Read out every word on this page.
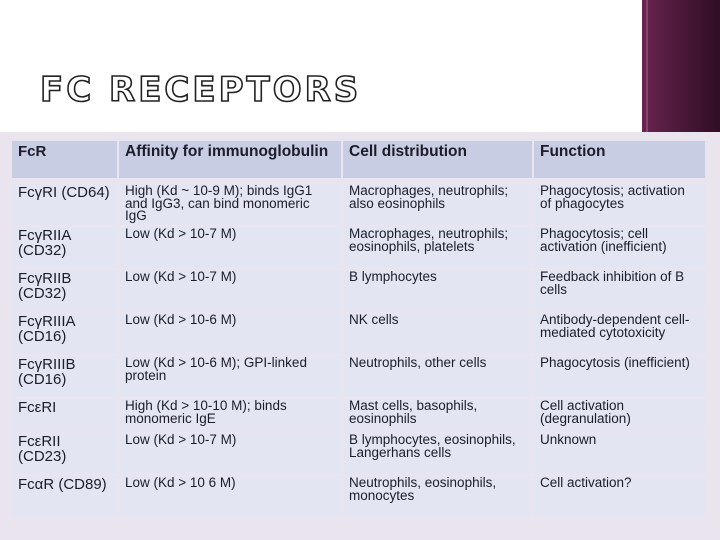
FC RECEPTORS
FcR	Affinity for immunoglobulin	Cell distribution	Function

FcγRI (CD64)	High (Kd ~ 10-9 M); binds IgG1 and IgG3, can bind monomeric IgG	Macrophages, neutrophils; also eosinophils	Phagocytosis; activation of phagocytes
FcγRIIA (CD32)	Low (Kd > 10-7 M)	Macrophages, neutrophils; eosinophils, platelets	Phagocytosis; cell activation (inefficient)
FcγRIIB (CD32)	Low (Kd > 10-7 M)	B lymphocytes	Feedback inhibition of B cells
FcγRIIIA (CD16)	Low (Kd > 10-6 M)	NK cells	Antibody-dependent cell-mediated cytotoxicity
FcγRIIIB (CD16)	Low (Kd > 10-6 M); GPI-linked protein	Neutrophils, other cells	Phagocytosis (inefficient)
FcεRI	High (Kd > 10-10 M); binds monomeric IgE	Mast cells, basophils, eosinophils	Cell activation (degranulation)
FcεRII (CD23)	Low (Kd > 10-7 M)	B lymphocytes, eosinophils, Langerhans cells	Unknown
FcαR (CD89)	Low (Kd > 10 6 M)	Neutrophils, eosinophils, monocytes	Cell activation?
